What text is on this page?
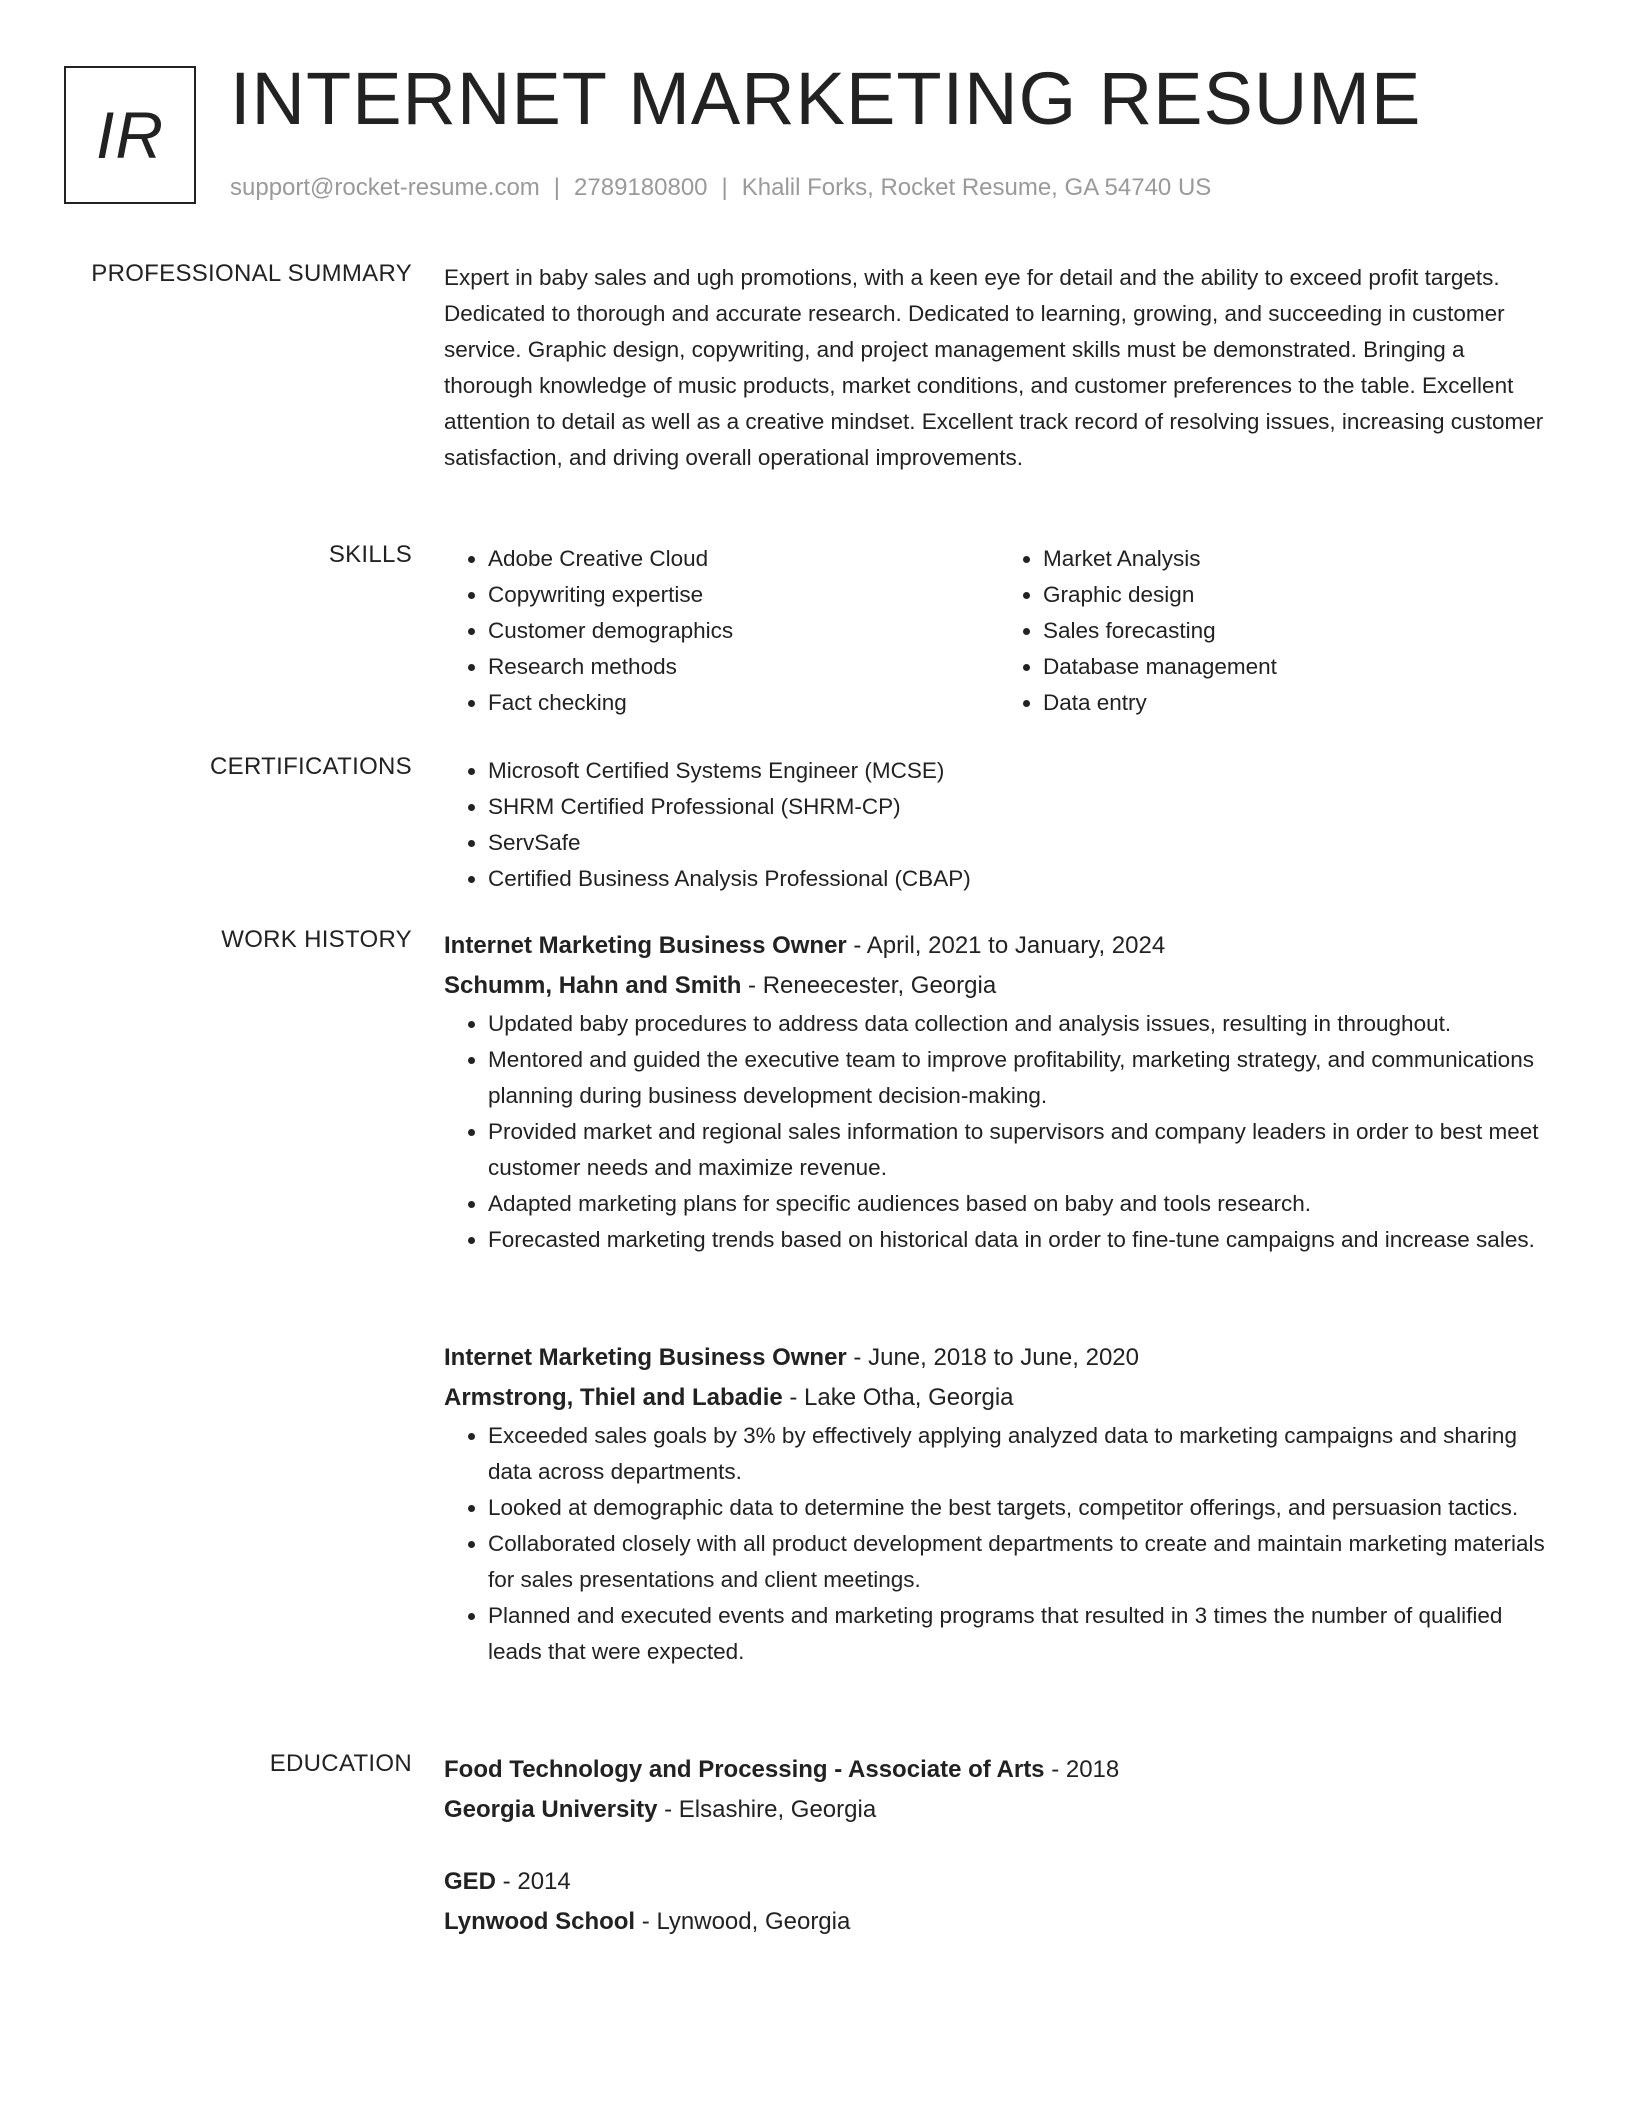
IR INTERNET MARKETING RESUME
support@rocket-resume.com | 2789180800 | Khalil Forks, Rocket Resume, GA 54740 US
PROFESSIONAL SUMMARY Expert in baby sales and ugh promotions, with a keen eye for detail and the ability to exceed profit targets. Dedicated to thorough and accurate research. Dedicated to learning, growing, and succeeding in customer service. Graphic design, copywriting, and project management skills must be demonstrated. Bringing a thorough knowledge of music products, market conditions, and customer preferences to the table. Excellent attention to detail as well as a creative mindset. Excellent track record of resolving issues, increasing customer satisfaction, and driving overall operational improvements.

SKILLS	• Adobe Creative Cloud
• Copywriting expertise
• Customer demographics
• Research methods
• Fact checking
• Market Analysis
• Graphic design
• Sales forecasting
• Database management
• Data entry
CERTIFICATIONS	• Microsoft Certified Systems Engineer (MCSE)
• SHRM Certified Professional (SHRM-CP)
• ServSafe
• Certified Business Analysis Professional (CBAP)
WORK HISTORY Internet Marketing Business Owner - April, 2021 to January, 2024
Schumm, Hahn and Smith - Reneecester, Georgia
• Updated baby procedures to address data collection and analysis issues, resulting in throughout.
• Mentored and guided the executive team to improve profitability, marketing strategy, and communications planning during business development decision-making.
• Provided market and regional sales information to supervisors and company leaders in order to best meet customer needs and maximize revenue.
• Adapted marketing plans for specific audiences based on baby and tools research.
• Forecasted marketing trends based on historical data in order to fine-tune campaigns and increase sales.
Internet Marketing Business Owner - June, 2018 to June, 2020
Armstrong, Thiel and Labadie - Lake Otha, Georgia
• Exceeded sales goals by 3% by effectively applying analyzed data to marketing campaigns and sharing data across departments.
• Looked at demographic data to determine the best targets, competitor offerings, and persuasion tactics.
• Collaborated closely with all product development departments to create and maintain marketing materials for sales presentations and client meetings.
• Planned and executed events and marketing programs that resulted in 3 times the number of qualified leads that were expected.
EDUCATION Food Technology and Processing - Associate of Arts - 2018
Georgia University - Elsashire, Georgia
GED - 2014
Lynwood School - Lynwood, Georgia
